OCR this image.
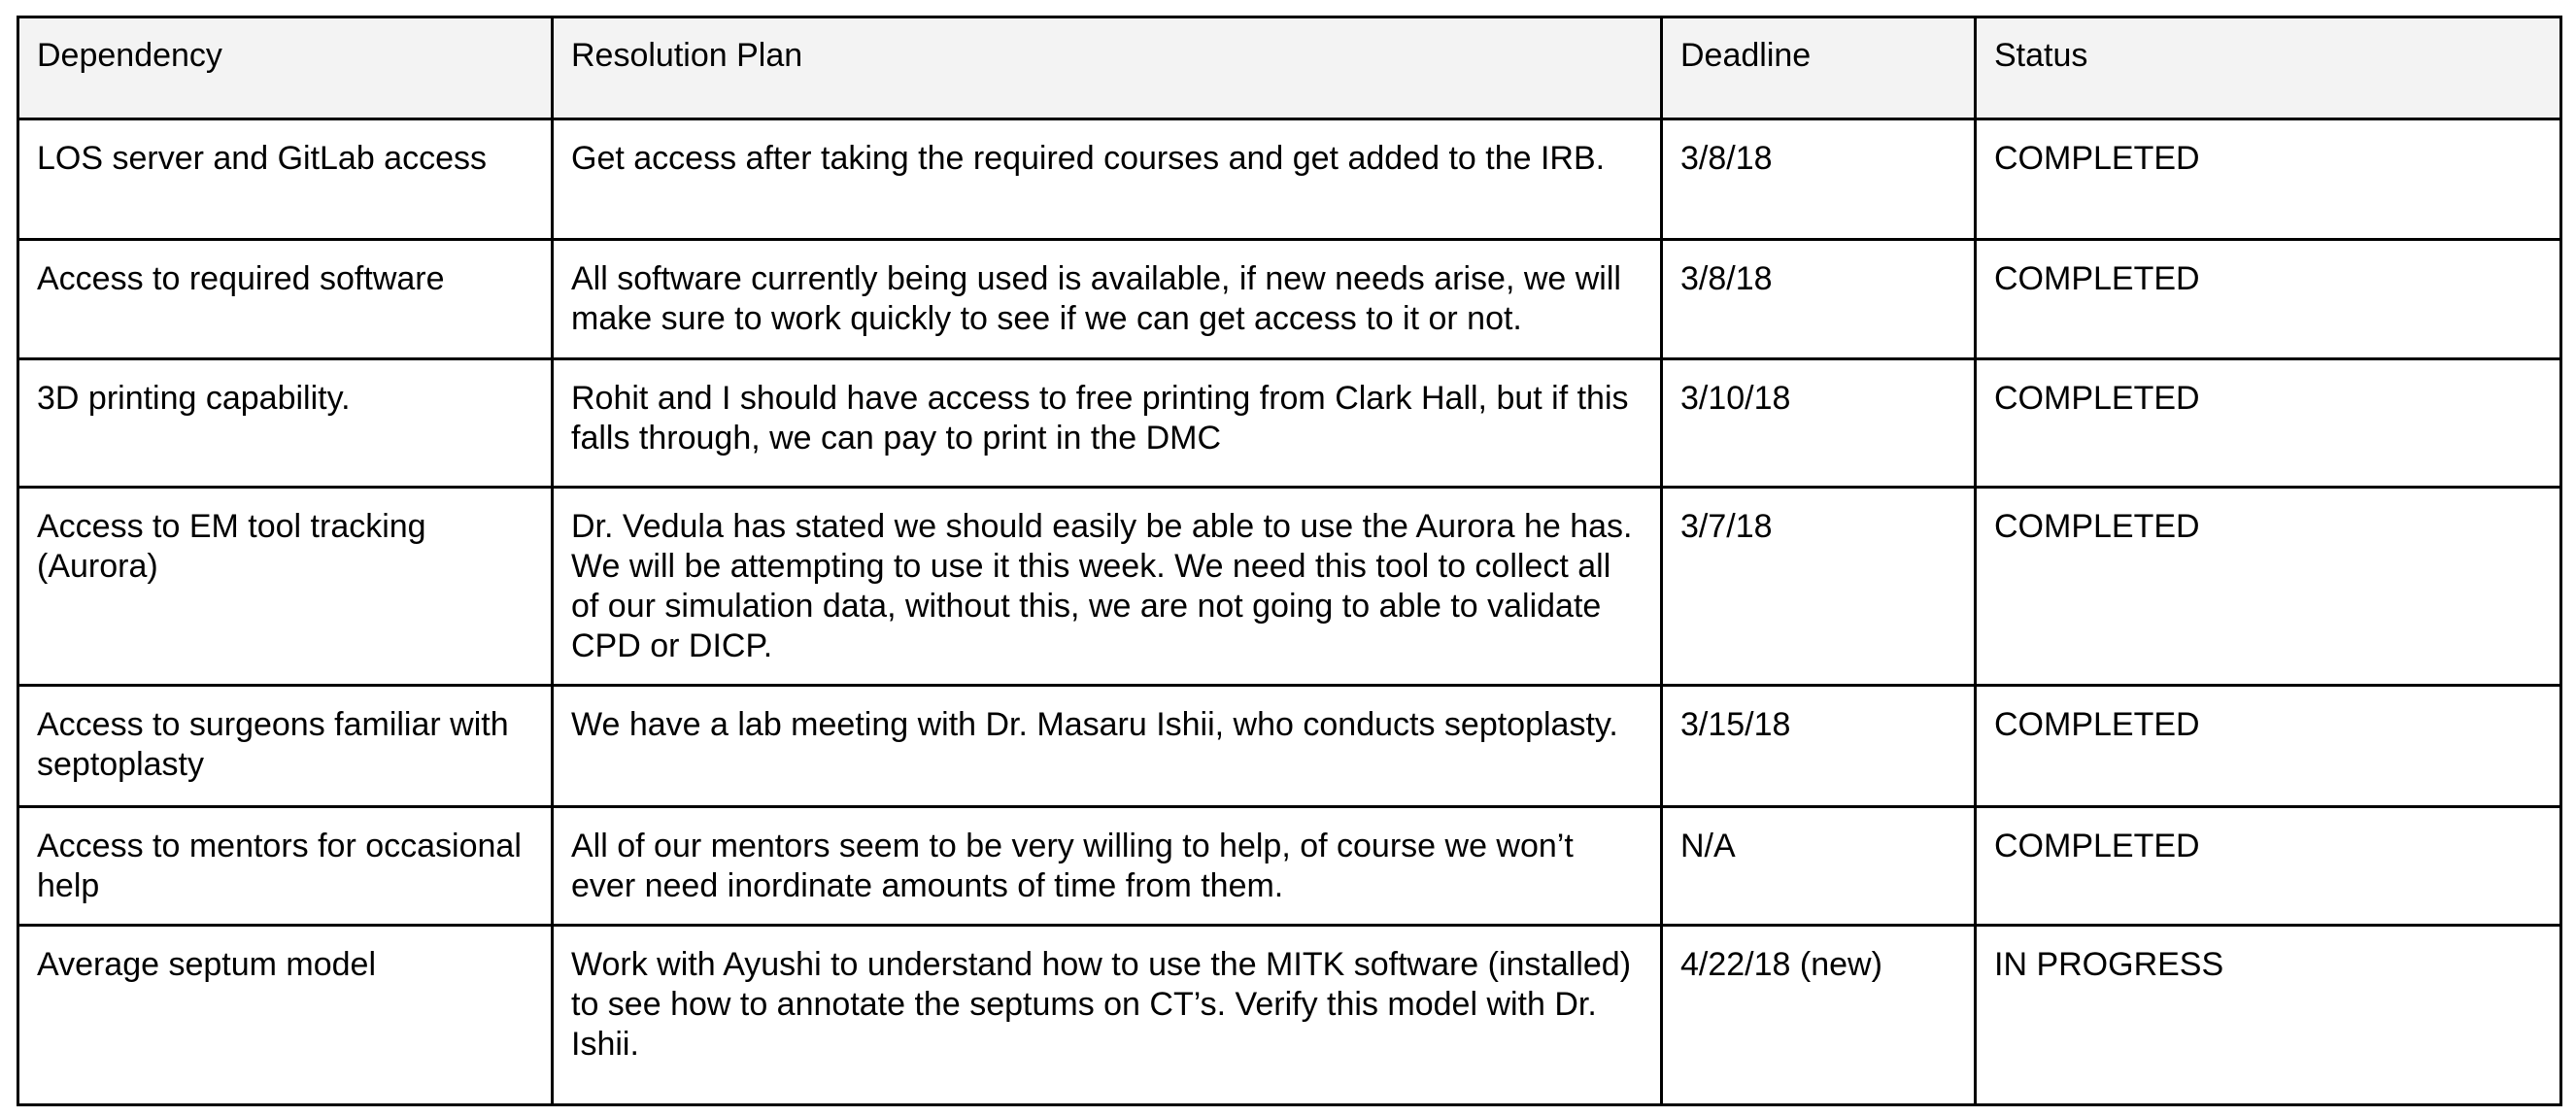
Dependency	Resolution Plan	Deadline	Status
LOS server and GitLab access	Get access after taking the required courses and get added to the IRB.	3/8/18	COMPLETED
Access to required software	All software currently being used is available, if new needs arise, we will make sure to work quickly to see if we can get access to it or not.	3/8/18	COMPLETED
3D printing capability.	Rohit and I should have access to free printing from Clark Hall, but if this falls through, we can pay to print in the DMC	3/10/18	COMPLETED
Access to EM tool tracking (Aurora)	Dr. Vedula has stated we should easily be able to use the Aurora he has. We will be attempting to use it this week. We need this tool to collect all of our simulation data, without this, we are not going to able to validate CPD or DICP.	3/7/18	COMPLETED
Access to surgeons familiar with septoplasty	We have a lab meeting with Dr. Masaru Ishii, who conducts septoplasty.	3/15/18	COMPLETED
Access to mentors for occasional help	All of our mentors seem to be very willing to help, of course we won’t ever need inordinate amounts of time from them.	N/A	COMPLETED
Average septum model	Work with Ayushi to understand how to use the MITK software (installed) to see how to annotate the septums on CT’s. Verify this model with Dr. Ishii.	4/22/18 (new)	IN PROGRESS
